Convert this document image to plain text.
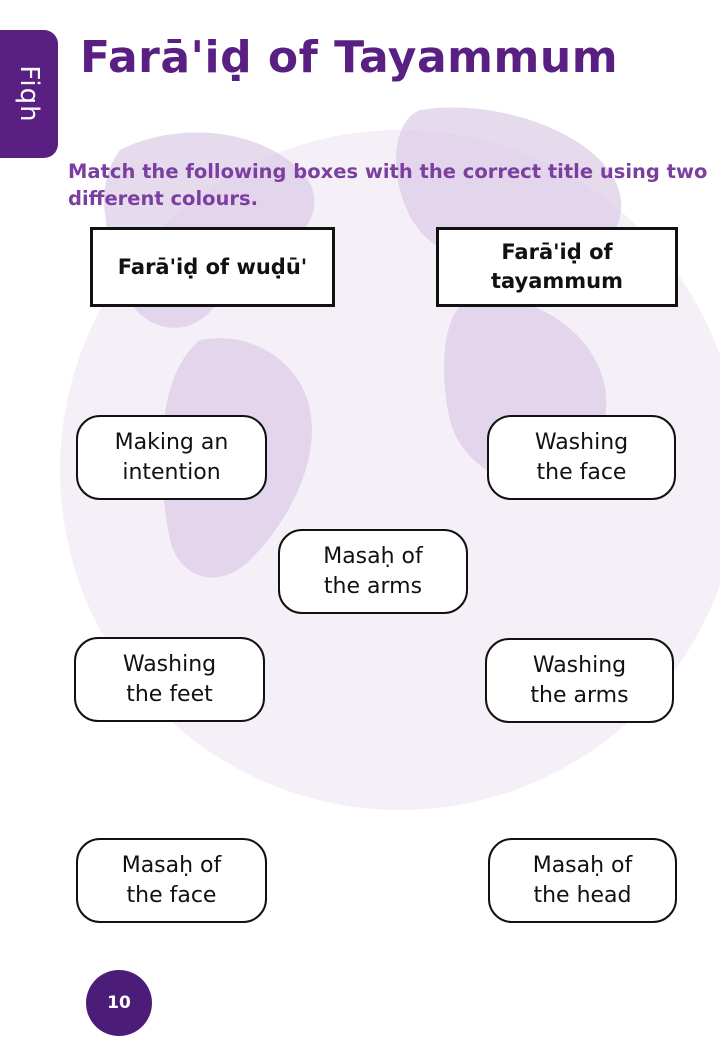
Fiqh
Farā'iḍ of Tayammum

Match the following boxes with the correct title using two different colours.

Farā'iḍ of wuḍū'
Farā'iḍ of tayammum
Making an intention
Washing the face
Masaḥ of the arms
Washing the feet
Washing the arms
Masaḥ of the face
Masaḥ of the head
10
